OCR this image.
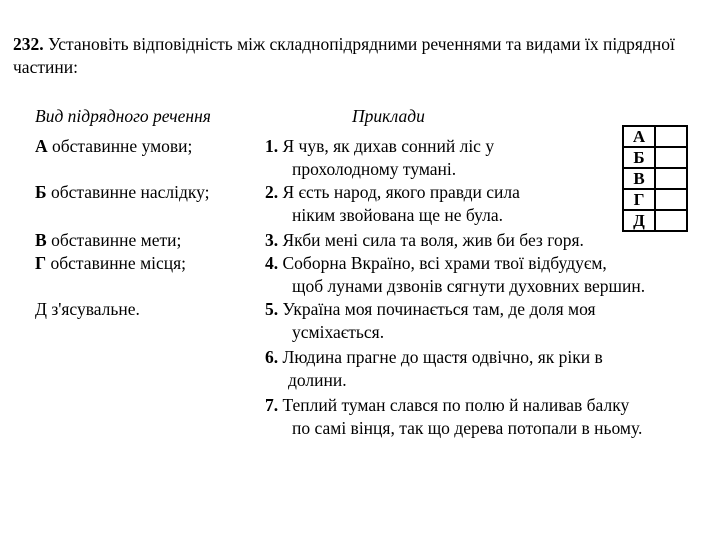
232. Установіть відповідність між складнопідрядними реченнями та видами їх підрядної частини:
Вид підрядного речення	Приклади
А обставинне умови;
Б обставинне наслідку;
В обставинне мети;
Г обставинне місця;
Д з'ясувальне.
1. Я чув, як дихав сонний ліс у
прохолодному тумані.
2. Я єсть народ, якого правди сила
ніким звойована ще не була.
3. Якби мені сила та воля, жив би без горя.
4. Соборна Вкраїно, всі храми твої відбудуєм,
щоб лунами дзвонів сягнути духовних вершин.
5. Україна моя починається там, де доля моя
усміхається.
6. Людина прагне до щастя одвічно, як ріки в
долини.
7. Теплий туман слався по полю й наливав балку
по самі вінця, так що дерева потопали в ньому.
А	
Б	
В	
Г	
Д	
